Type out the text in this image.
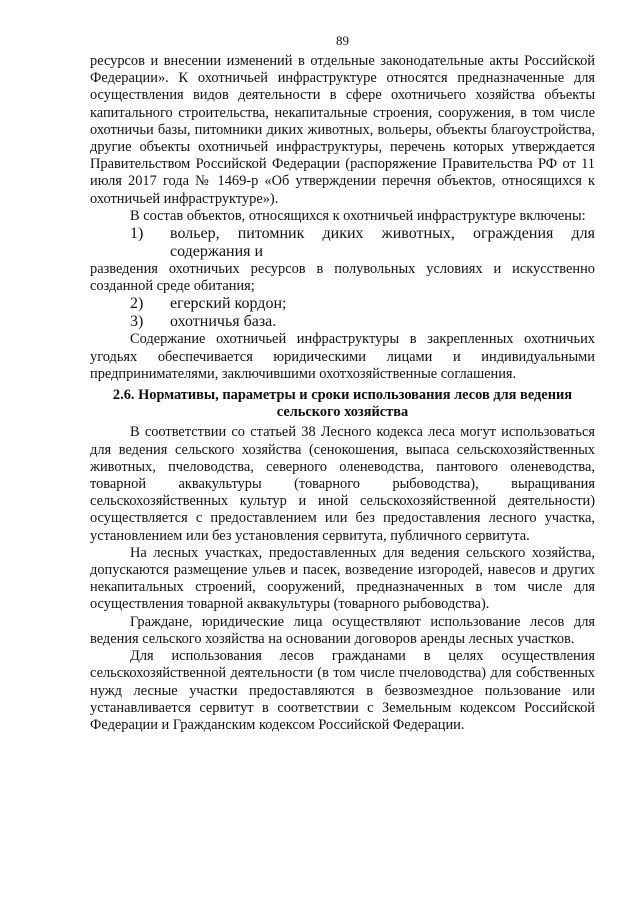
89

ресурсов и внесении изменений в отдельные законодательные акты Российской Федерации». К охотничьей инфраструктуре относятся предназначенные для осуществления видов деятельности в сфере охотничьего хозяйства объекты капитального строительства, некапитальные строения, сооружения, в том числе охотничьи базы, питомники диких животных, вольеры, объекты благоустройства, другие объекты охотничьей инфраструктуры, перечень которых утверждается Правительством Российской Федерации (распоряжение Правительства РФ от 11 июля 2017 года № 1469-р «Об утверждении перечня объектов, относящихся к охотничьей инфраструктуре»).

В состав объектов, относящихся к охотничьей инфраструктуре включены:

1)	вольер, питомник диких животных, ограждения для содержания и

разведения охотничьих ресурсов в полувольных условиях и искусственно созданной среде обитания;

2)	егерский кордон;
3)	охотничья база.

Содержание охотничьей инфраструктуры в закрепленных охотничьих угодьях обеспечивается юридическими лицами и индивидуальными предпринимателями, заключившими охотхозяйственные соглашения.

2.6. Нормативы, параметры и сроки использования лесов для ведения сельского хозяйства

В соответствии со статьей 38 Лесного кодекса леса могут использоваться для ведения сельского хозяйства (сенокошения, выпаса сельскохозяйственных животных, пчеловодства, северного оленеводства, пантового оленеводства, товарной аквакультуры (товарного рыбоводства), выращивания сельскохозяйственных культур и иной сельскохозяйственной деятельности) осуществляется с предоставлением или без предоставления лесного участка, установлением или без установления сервитута, публичного сервитута.

На лесных участках, предоставленных для ведения сельского хозяйства, допускаются размещение ульев и пасек, возведение изгородей, навесов и других некапитальных строений, сооружений, предназначенных в том числе для осуществления товарной аквакультуры (товарного рыбоводства).

Граждане, юридические лица осуществляют использование лесов для ведения сельского хозяйства на основании договоров аренды лесных участков.

Для использования лесов гражданами в целях осуществления сельскохозяйственной деятельности (в том числе пчеловодства) для собственных нужд лесные участки предоставляются в безвозмездное пользование или устанавливается сервитут в соответствии с Земельным кодексом Российской Федерации и Гражданским кодексом Российской Федерации.
